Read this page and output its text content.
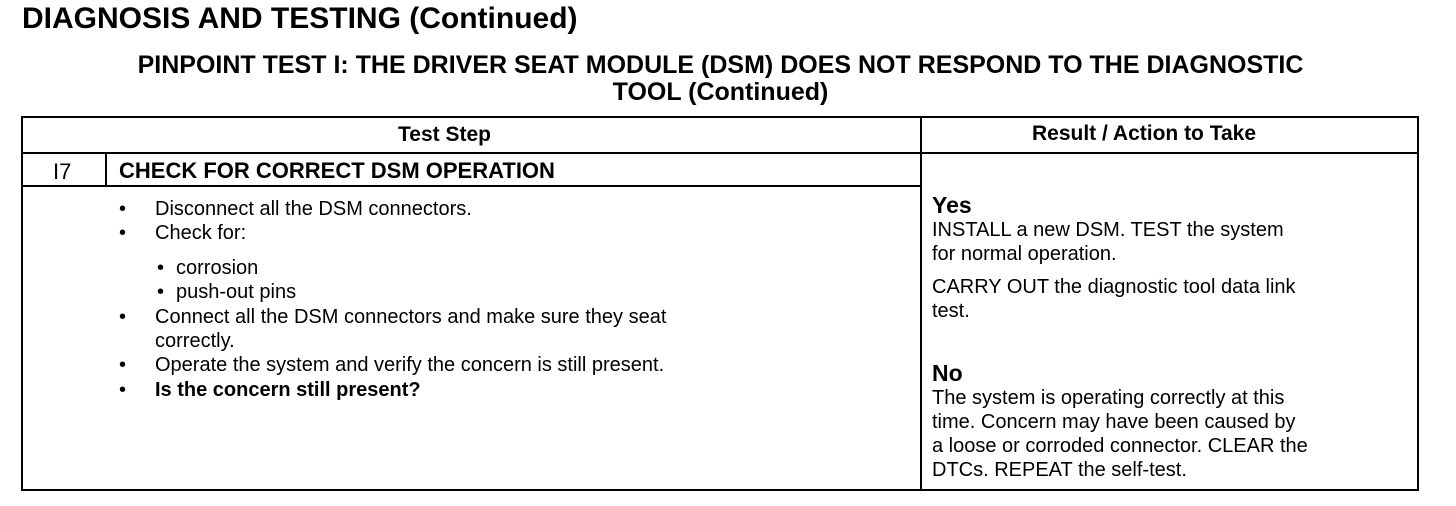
DIAGNOSIS AND TESTING (Continued)
PINPOINT TEST I: THE DRIVER SEAT MODULE (DSM) DOES NOT RESPOND TO THE DIAGNOSTIC
TOOL (Continued)
Test Step	Result / Action to Take
I7 CHECK FOR CORRECT DSM OPERATION
• Disconnect all the DSM connectors.
• Check for:
• corrosion
• push-out pins
• Connect all the DSM connectors and make sure they seat
correctly.
• Operate the system and verify the concern is still present.
• Is the concern still present?
Yes
INSTALL a new DSM. TEST the system
for normal operation.
CARRY OUT the diagnostic tool data link
test.
No
The system is operating correctly at this
time. Concern may have been caused by
a loose or corroded connector. CLEAR the
DTCs. REPEAT the self-test.
